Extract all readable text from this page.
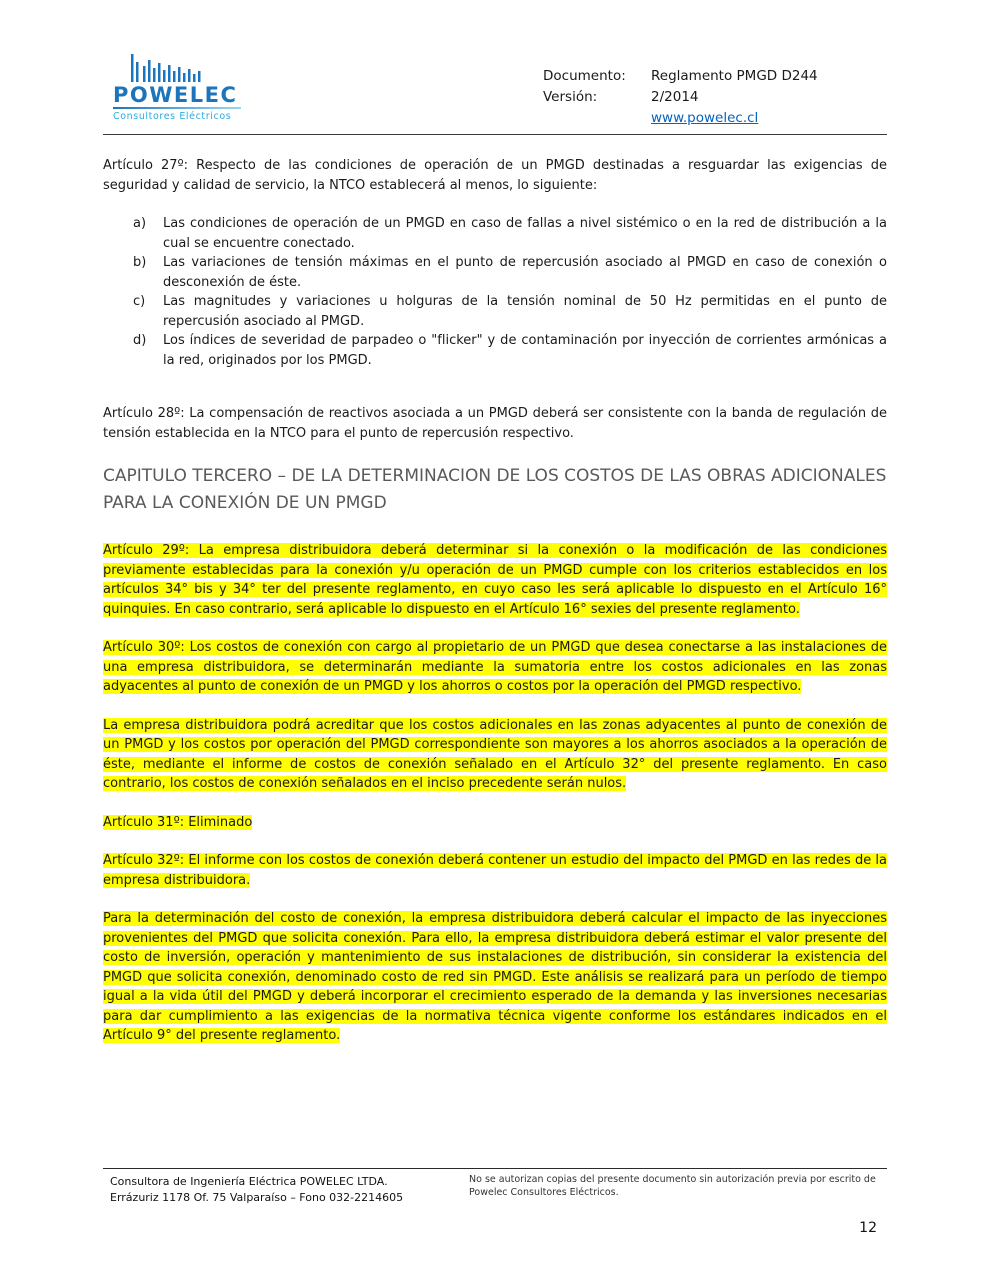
POWELEC
Consultores Eléctricos
Documento:	Reglamento PMGD D244
Versión:	2/2014
www.powelec.cl

Artículo 27º: Respecto de las condiciones de operación de un PMGD destinadas a resguardar las exigencias de seguridad y calidad de servicio, la NTCO establecerá al menos, lo siguiente:

a)	Las condiciones de operación de un PMGD en caso de fallas a nivel sistémico o en la red de distribución a la cual se encuentre conectado.
b)	Las variaciones de tensión máximas en el punto de repercusión asociado al PMGD en caso de conexión o desconexión de éste.
c)	Las magnitudes y variaciones u holguras de la tensión nominal de 50 Hz permitidas en el punto de repercusión asociado al PMGD.
d)	Los índices de severidad de parpadeo o "flicker" y de contaminación por inyección de corrientes armónicas a la red, originados por los PMGD.

Artículo 28º: La compensación de reactivos asociada a un PMGD deberá ser consistente con la banda de regulación de tensión establecida en la NTCO para el punto de repercusión respectivo.

CAPITULO TERCERO – DE LA DETERMINACION DE LOS COSTOS DE LAS OBRAS ADICIONALES PARA LA CONEXIÓN DE UN PMGD

Artículo 29º: La empresa distribuidora deberá determinar si la conexión o la modificación de las condiciones previamente establecidas para la conexión y/u operación de un PMGD cumple con los criterios establecidos en los artículos 34° bis y 34° ter del presente reglamento, en cuyo caso les será aplicable lo dispuesto en el Artículo 16° quinquies. En caso contrario, será aplicable lo dispuesto en el Artículo 16° sexies del presente reglamento.

Artículo 30º: Los costos de conexión con cargo al propietario de un PMGD que desea conectarse a las instalaciones de una empresa distribuidora, se determinarán mediante la sumatoria entre los costos adicionales en las zonas adyacentes al punto de conexión de un PMGD y los ahorros o costos por la operación del PMGD respectivo.

La empresa distribuidora podrá acreditar que los costos adicionales en las zonas adyacentes al punto de conexión de un PMGD y los costos por operación del PMGD correspondiente son mayores a los ahorros asociados a la operación de éste, mediante el informe de costos de conexión señalado en el Artículo 32° del presente reglamento. En caso contrario, los costos de conexión señalados en el inciso precedente serán nulos.

Artículo 31º: Eliminado

Artículo 32º: El informe con los costos de conexión deberá contener un estudio del impacto del PMGD en las redes de la empresa distribuidora.

Para la determinación del costo de conexión, la empresa distribuidora deberá calcular el impacto de las inyecciones provenientes del PMGD que solicita conexión. Para ello, la empresa distribuidora deberá estimar el valor presente del costo de inversión, operación y mantenimiento de sus instalaciones de distribución, sin considerar la existencia del PMGD que solicita conexión, denominado costo de red sin PMGD. Este análisis se realizará para un período de tiempo igual a la vida útil del PMGD y deberá incorporar el crecimiento esperado de la demanda y las inversiones necesarias para dar cumplimiento a las exigencias de la normativa técnica vigente conforme los estándares indicados en el Artículo 9° del presente reglamento.

Consultora de Ingeniería Eléctrica POWELEC LTDA.
Errázuriz 1178 Of. 75 Valparaíso – Fono 032-2214605
No se autorizan copias del presente documento sin autorización previa por escrito de Powelec Consultores Eléctricos.
12
